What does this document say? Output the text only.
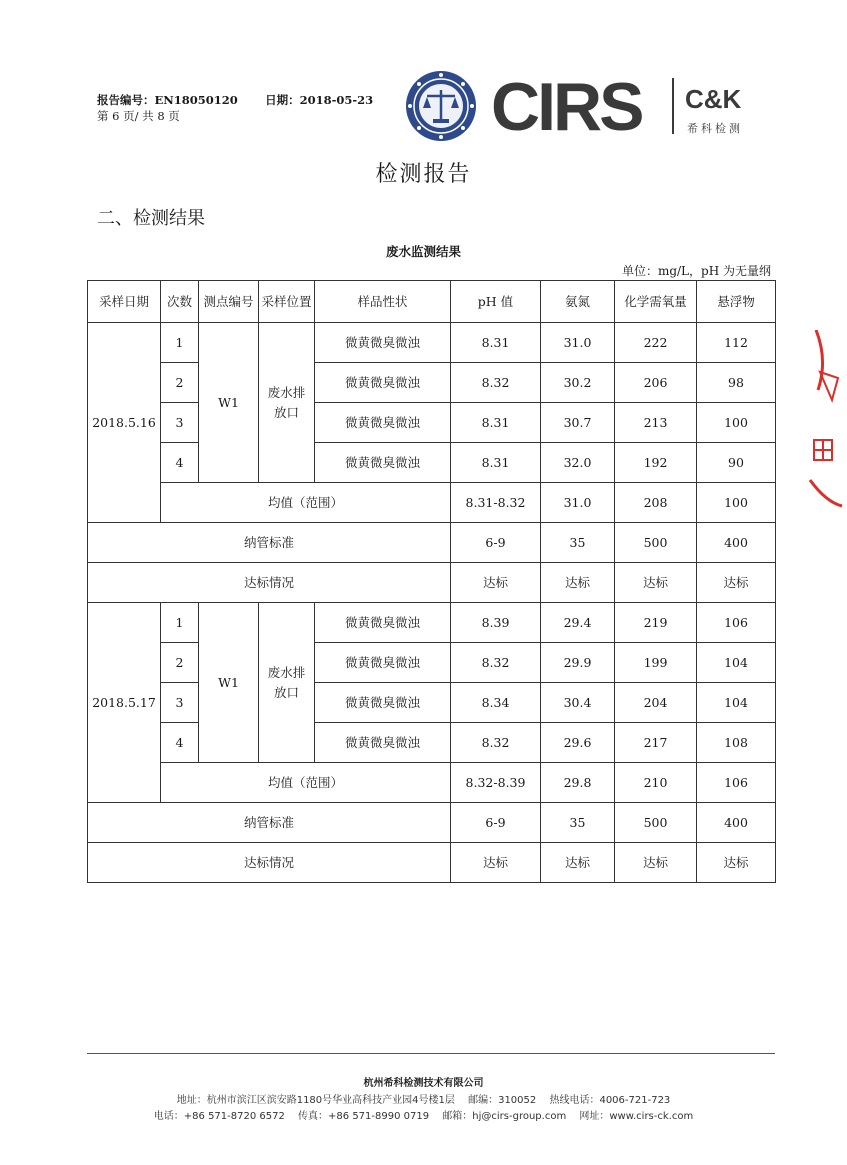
报告编号：EN18050120 日期：2018-05-23
第 6 页/ 共 8 页	CIRS C&K
希科检测
检测报告
二、检测结果
废水监测结果
单位：mg/L，pH 为无量纲
采样日期	次数	测点编号	采样位置	样品性状	pH 值	氨氮	化学需氧量	悬浮物
2018.5.16	1	W1	废水排放口	微黄微臭微浊	8.31	31.0	222	112
	2			微黄微臭微浊	8.32	30.2	206	98
	3			微黄微臭微浊	8.31	30.7	213	100
	4			微黄微臭微浊	8.31	32.0	192	90
	均值（范围）				8.31-8.32	31.0	208	100
纳管标准					6-9	35	500	400
达标情况					达标	达标	达标	达标
2018.5.17	1	W1	废水排放口	微黄微臭微浊	8.39	29.4	219	106
	2			微黄微臭微浊	8.32	29.9	199	104
	3			微黄微臭微浊	8.34	30.4	204	104
	4			微黄微臭微浊	8.32	29.6	217	108
	均值（范围）				8.32-8.39	29.8	210	106
纳管标准					6-9	35	500	400
达标情况					达标	达标	达标	达标
杭州希科检测技术有限公司
地址：杭州市滨江区滨安路1180号华业高科技产业园4号楼1层 邮编：310052 热线电话：4006-721-723
电话：+86 571-8720 6572 传真：+86 571-8990 0719 邮箱：hj@cirs-group.com 网址：www.cirs-ck.com
